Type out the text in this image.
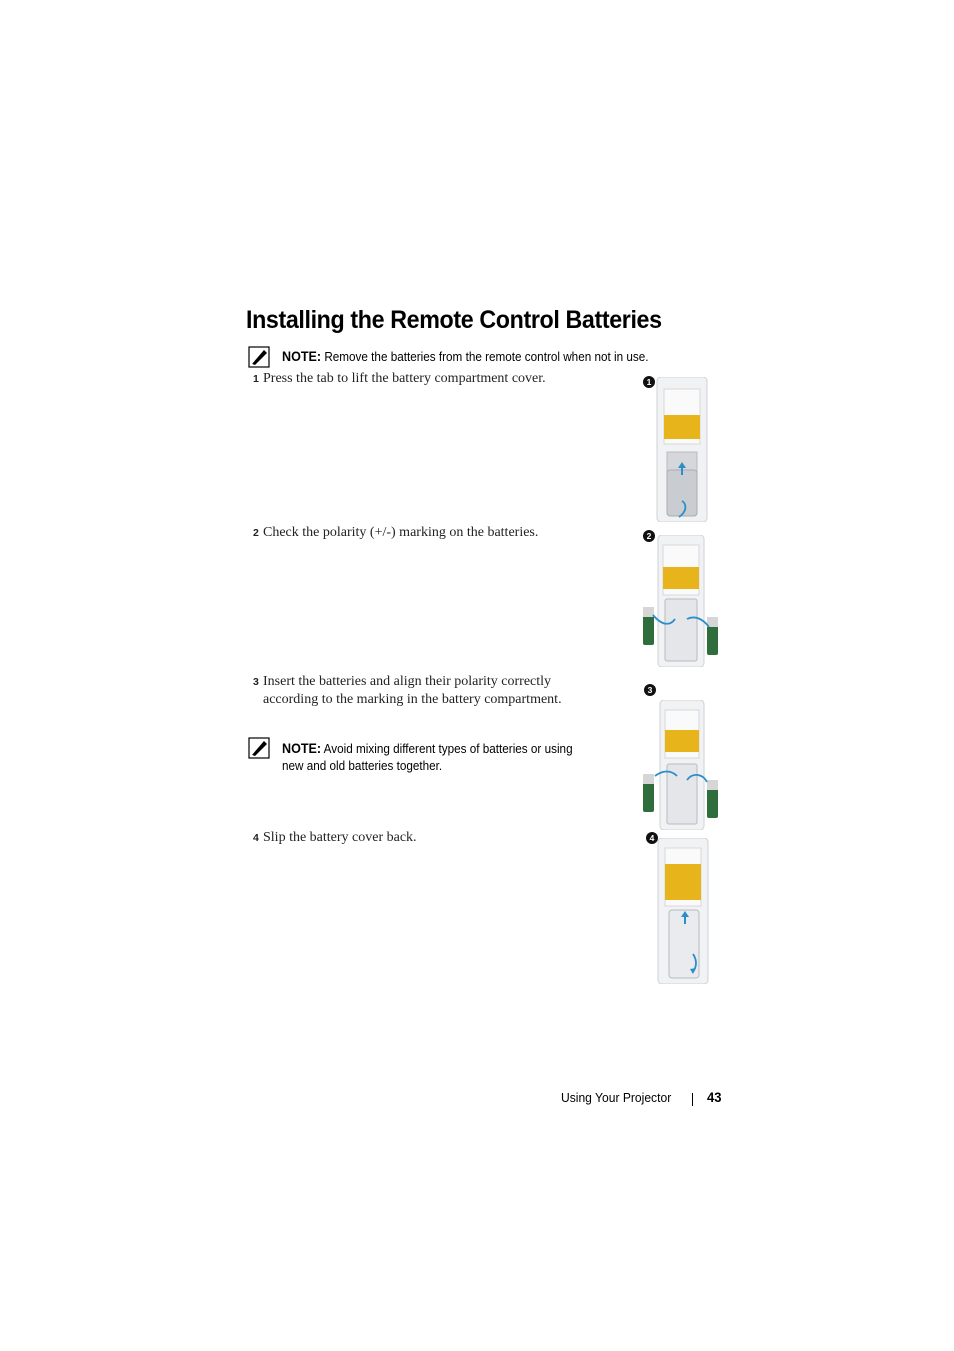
Installing the Remote Control Batteries
NOTE: Remove the batteries from the remote control when not in use.
1 Press the tab to lift the battery compartment cover.
2 Check the polarity (+/-) marking on the batteries.
3 Insert the batteries and align their polarity correctly
according to the marking in the battery compartment.
NOTE: Avoid mixing different types of batteries or using
new and old batteries together.
4 Slip the battery cover back.
1
2
3
4
Using Your Projector	43
